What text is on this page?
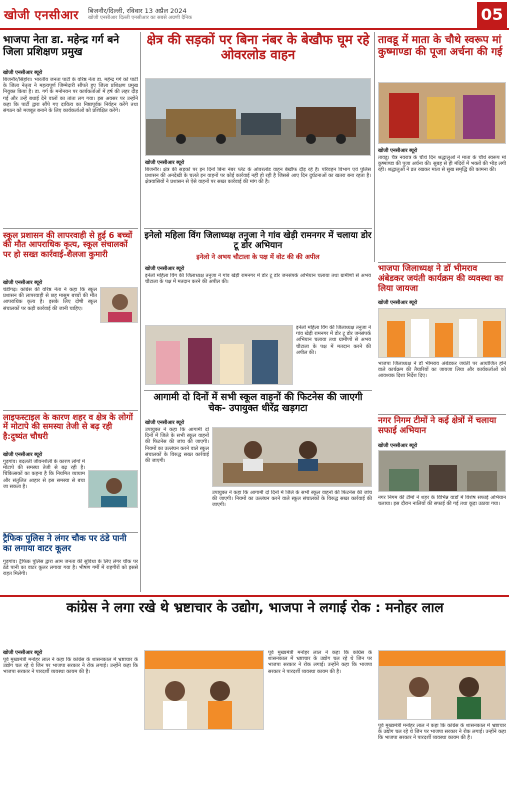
खोजी एनसीआर बिजनौर/दिल्ली, रविवार 13 अप्रैल 2024
खोजी एनसीआर दिल्ली एनसीआर का सबसे अग्रणी दैनिक	05
भाजपा नेता डा. महेन्द्र गर्ग बने जिला प्रशिक्षण प्रमुख
खोजी एनसीआर ब्यूरो
बिजनौर/सिहोरा। भारतीय जनता पार्टी के वरिष्ठ नेता डा. महेन्द्र गर्ग को पार्टी के जिला नेतृत्व ने महत्वपूर्ण जिम्मेदारी सौंपते हुए जिला प्रशिक्षण प्रमुख नियुक्त किया है। डा. गर्ग के मनोनयन पर कार्यकर्ताओं में हर्ष की लहर दौड़ गई और उन्हें बधाई देने वालों का तांता लग गया। इस अवसर पर उन्होंने कहा कि पार्टी द्वारा सौंपे गए दायित्व का निष्ठापूर्वक निर्वहन करेंगे तथा संगठन को मजबूत बनाने के लिए कार्यकर्ताओं को प्रशिक्षित करेंगे।
क्षेत्र की सड़कों पर बिना नंबर के बेखौफ घूम रहे ओवरलोड वाहन
खोजी एनसीआर ब्यूरो
बिजनौर। क्षेत्र की सड़कों पर इन दिनों बिना नंबर प्लेट के ओवरलोड वाहन बेखौफ दौड़ रहे हैं। परिवहन विभाग एवं पुलिस प्रशासन की अनदेखी के चलते इन वाहनों पर कोई कार्रवाई नहीं हो रही है जिससे आए दिन दुर्घटनाओं का खतरा बना रहता है। क्षेत्रवासियों ने प्रशासन से ऐसे वाहनों पर सख्त कार्रवाई की मांग की है।
तावडू में माता के चौथे स्वरूप मां कुष्माण्डा की पूजा अर्चना की गई
खोजी एनसीआर ब्यूरो
तावडू। चैत्र नवरात्र के चौथे दिन श्रद्धालुओं ने माता के चौथे स्वरूप मां कुष्माण्डा की पूजा अर्चना की। सुबह से ही मंदिरों में भक्तों की भीड़ लगी रही। श्रद्धालुओं ने व्रत रखकर माता से सुख समृद्धि की कामना की।
स्कूल प्रशासन की लापरवाही से हुई 6 बच्चों की मौत आपराधिक कृत्य, स्कूल संचालकों पर हो सख्त कार्रवाई-शैलजा कुमारी
खोजी एनसीआर ब्यूरो
चंडीगढ़। कांग्रेस की वरिष्ठ नेता ने कहा कि स्कूल प्रशासन की लापरवाही से छह मासूम बच्चों की मौत आपराधिक कृत्य है। इसके लिए दोषी स्कूल संचालकों पर कड़ी कार्रवाई की जानी चाहिए।
लाइफस्टाइल के कारण शहर व क्षेत्र के लोगों में मोटापे की समस्या तेजी से बढ़ रही है:दुष्यंत चौधरी
खोजी एनसीआर ब्यूरो
गुड़गांव। बदलती जीवनशैली के कारण लोगों में मोटापे की समस्या तेजी से बढ़ रही है। चिकित्सकों का कहना है कि नियमित व्यायाम और संतुलित आहार से इस समस्या से बचा जा सकता है।
ट्रैफिक पुलिस ने लंगर चौक पर ठंडे पानी का लगाया वाटर कूलर
गुड़गांव। ट्रैफिक पुलिस द्वारा आम जनता की सुविधा के लिए लंगर चौक पर ठंडे पानी का वाटर कूलर लगाया गया है। भीषण गर्मी में राहगीरों को इससे राहत मिलेगी।
इनेलो महिला विंग जिलाध्यक्ष तनुजा ने गांव खेड़ी रामनगर में चलाया डोर टू डोर अभियान
इनेलो ने अभय चौटाला के पक्ष में वोट की की अपील
खोजी एनसीआर ब्यूरो
इनेलो महिला विंग की जिलाध्यक्ष तनुजा ने गांव खेड़ी रामनगर में डोर टू डोर जनसंपर्क अभियान चलाया तथा ग्रामीणों से अभय चौटाला के पक्ष में मतदान करने की अपील की।
इनेलो महिला विंग की जिलाध्यक्ष तनुजा ने गांव खेड़ी रामनगर में डोर टू डोर जनसंपर्क अभियान चलाया तथा ग्रामीणों से अभय चौटाला के पक्ष में मतदान करने की अपील की।
भाजपा जिलाध्यक्ष ने डॉ भीमराव अंबेडकर जयंती कार्यक्रम की व्यवस्था का लिया जायजा
खोजी एनसीआर ब्यूरो
भाजपा जिलाध्यक्ष ने डॉ भीमराव अंबेडकर जयंती पर आयोजित होने वाले कार्यक्रम की तैयारियों का जायजा लिया और कार्यकर्ताओं को आवश्यक दिशा निर्देश दिए।
आगामी दो दिनों में सभी स्कूल वाहनों की फिटनेस की जाएगी चेक- उपायुक्त धीरेंद्र खड़गटा
खोजी एनसीआर ब्यूरो
उपायुक्त ने कहा कि आगामी दो दिनों में जिले के सभी स्कूल वाहनों की फिटनेस की जांच की जाएगी। नियमों का उल्लंघन करने वाले स्कूल संचालकों के विरुद्ध सख्त कार्रवाई की जाएगी।
उपायुक्त ने कहा कि आगामी दो दिनों में जिले के सभी स्कूल वाहनों की फिटनेस की जांच की जाएगी। नियमों का उल्लंघन करने वाले स्कूल संचालकों के विरुद्ध सख्त कार्रवाई की जाएगी।
नगर निगम टीमों ने कई क्षेत्रों में चलाया सफाई अभियान
खोजी एनसीआर ब्यूरो
नगर निगम की टीमों ने शहर के विभिन्न वार्डों में विशेष सफाई अभियान चलाया। इस दौरान नालियों की सफाई की गई तथा कूड़ा उठाया गया।
कांग्रेस ने लगा रखे थे भ्रष्टाचार के उद्योग, भाजपा ने लगाई रोक : मनोहर लाल
खोजी एनसीआर ब्यूरो
पूर्व मुख्यमंत्री मनोहर लाल ने कहा कि कांग्रेस के शासनकाल में भ्रष्टाचार के उद्योग चल रहे थे जिन पर भाजपा सरकार ने रोक लगाई। उन्होंने कहा कि भाजपा सरकार ने पारदर्शी व्यवस्था कायम की है।
पूर्व मुख्यमंत्री मनोहर लाल ने कहा कि कांग्रेस के शासनकाल में भ्रष्टाचार के उद्योग चल रहे थे जिन पर भाजपा सरकार ने रोक लगाई। उन्होंने कहा कि भाजपा सरकार ने पारदर्शी व्यवस्था कायम की है।
पूर्व मुख्यमंत्री मनोहर लाल ने कहा कि कांग्रेस के शासनकाल में भ्रष्टाचार के उद्योग चल रहे थे जिन पर भाजपा सरकार ने रोक लगाई। उन्होंने कहा कि भाजपा सरकार ने पारदर्शी व्यवस्था कायम की है।
